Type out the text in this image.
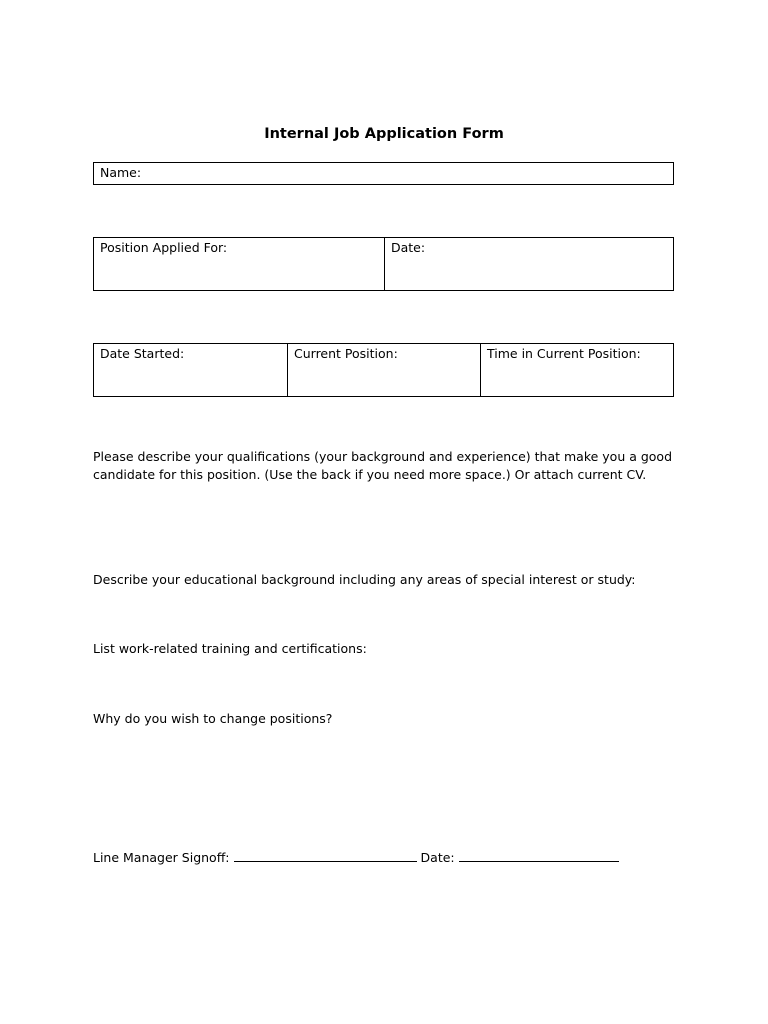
Internal Job Application Form
Name:
Position Applied For:	Date:
Date Started:	Current Position:	Time in Current Position:
Please describe your qualifications (your background and experience) that make you a good
candidate for this position. (Use the back if you need more space.) Or attach current CV.
Describe your educational background including any areas of special interest or study:
List work-related training and certifications:
Why do you wish to change positions?
Line Manager Signoff:	Date:
